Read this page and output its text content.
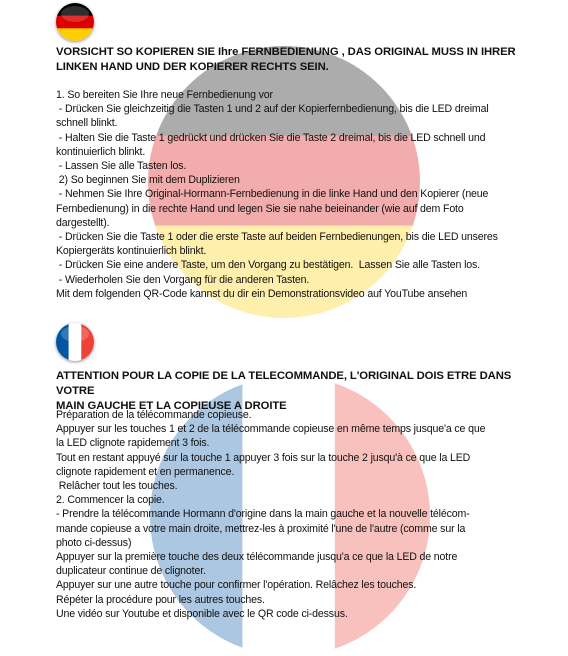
VORSICHT SO KOPIEREN SIE Ihre FERNBEDIENUNG , DAS ORIGINAL MUSS IN IHRER
LINKEN HAND UND DER KOPIERER RECHTS SEIN.
1. So bereiten Sie Ihre neue Fernbedienung vor
- Drücken Sie gleichzeitig die Tasten 1 und 2 auf der Kopierfernbedienung, bis die LED dreimal
schnell blinkt.
- Halten Sie die Taste 1 gedrückt und drücken Sie die Taste 2 dreimal, bis die LED schnell und
kontinuierlich blinkt.
- Lassen Sie alle Tasten los.
2) So beginnen Sie mit dem Duplizieren
- Nehmen Sie Ihre Original-Hormann-Fernbedienung in die linke Hand und den Kopierer (neue
Fernbedienung) in die rechte Hand und legen Sie sie nahe beieinander (wie auf dem Foto
dargestellt).
- Drücken Sie die Taste 1 oder die erste Taste auf beiden Fernbedienungen, bis die LED unseres
Kopiergeräts kontinuierlich blinkt.
- Drücken Sie eine andere Taste, um den Vorgang zu bestätigen.  Lassen Sie alle Tasten los.
- Wiederholen Sie den Vorgang für die anderen Tasten.
Mit dem folgenden QR-Code kannst du dir ein Demonstrationsvideo auf YouTube ansehen
ATTENTION POUR LA COPIE DE LA TELECOMMANDE, L'ORIGINAL DOIS ETRE DANS VOTRE
MAIN GAUCHE ET LA COPIEUSE A DROITE
Préparation de la télécommande copieuse.
Appuyer sur les touches 1 et 2 de la télécommande copieuse en même temps jusque'a ce que
la LED clignote rapidement 3 fois.
Tout en restant appuyé sur la touche 1 appuyer 3 fois sur la touche 2 jusqu'à ce que la LED
clignote rapidement et en permanence.
Relâcher tout les touches.
2. Commencer la copie.
- Prendre la télécommande Hormann d'origine dans la main gauche et la nouvelle télécom-
mande copieuse a votre main droite, mettrez-les à proximité l'une de l'autre (comme sur la
photo ci-dessus)
Appuyer sur la première touche des deux télécommande jusqu'a ce que la LED de notre
duplicateur continue de clignoter.
Appuyer sur une autre touche pour confirmer l'opération. Relâchez les touches.
Répéter la procédure pour les autres touches.
Une vidéo sur Youtube et disponible avec le QR code ci-dessus.
